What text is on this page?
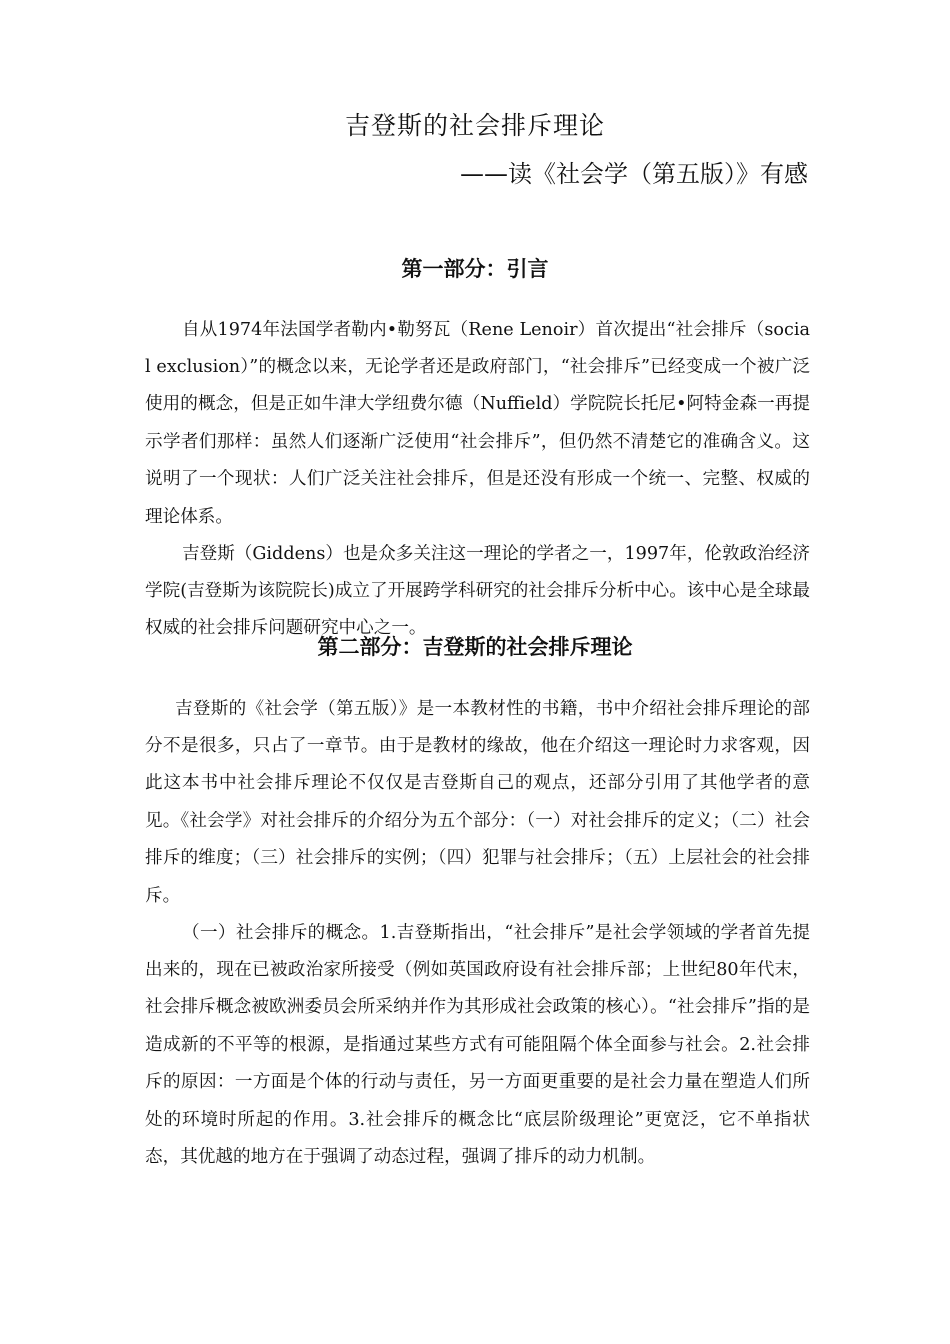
吉登斯的社会排斥理论
——读《社会学（第五版）》有感
第一部分：引言

自从1974年法国学者勒内•勒努瓦（Rene Lenoir）首次提出“社会排斥（social exclusion）”的概念以来，无论学者还是政府部门，“社会排斥”已经变成一个被广泛使用的概念，但是正如牛津大学纽费尔德（Nuffield）学院院长托尼•阿特金森一再提示学者们那样：虽然人们逐渐广泛使用“社会排斥”，但仍然不清楚它的准确含义。这说明了一个现状：人们广泛关注社会排斥，但是还没有形成一个统一、完整、权威的理论体系。

吉登斯（Giddens）也是众多关注这一理论的学者之一，1997年，伦敦政治经济学院(吉登斯为该院院长)成立了开展跨学科研究的社会排斥分析中心。该中心是全球最权威的社会排斥问题研究中心之一。

第二部分：吉登斯的社会排斥理论

吉登斯的《社会学（第五版）》是一本教材性的书籍，书中介绍社会排斥理论的部分不是很多，只占了一章节。由于是教材的缘故，他在介绍这一理论时力求客观，因此这本书中社会排斥理论不仅仅是吉登斯自己的观点，还部分引用了其他学者的意见。《社会学》对社会排斥的介绍分为五个部分：（一）对社会排斥的定义；（二）社会排斥的维度；（三）社会排斥的实例；（四）犯罪与社会排斥；（五）上层社会的社会排斥。

（一）社会排斥的概念。1.吉登斯指出，“社会排斥”是社会学领域的学者首先提出来的，现在已被政治家所接受（例如英国政府设有社会排斥部；上世纪80年代末，社会排斥概念被欧洲委员会所采纳并作为其形成社会政策的核心）。“社会排斥”指的是造成新的不平等的根源，是指通过某些方式有可能阻隔个体全面参与社会。2.社会排斥的原因：一方面是个体的行动与责任，另一方面更重要的是社会力量在塑造人们所处的环境时所起的作用。3.社会排斥的概念比“底层阶级理论”更宽泛，它不单指状态，其优越的地方在于强调了动态过程，强调了排斥的动力机制。
